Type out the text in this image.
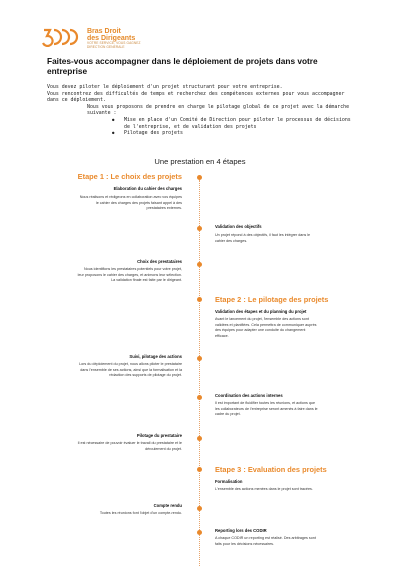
Bras Droit
des Dirigeants
VOTRE SERVICE, VOUS GAGNEZ
DIRECTION GENERALE
Faites-vous accompagner dans le déploiement de projets dans votre entreprise

Vous devez piloter le déploiement d'un projet structurant pour votre entreprise.

Vous rencontrez des difficultés de temps et recherchez des compétences externes pour vous accompagner dans ce déploiement.

Nous vous proposons de prendre en charge le pilotage global de ce projet avec la démarche suivante :

● Mise en place d'un Comité de Direction pour piloter le processus de décisions de l'entreprise, et de validation des projets
● Pilotage des projets
Une prestation en 4 étapes
Etape 1 : Le choix des projets
Elaboration du cahier des charges
Nous réalisons et rédigeons en collaboration avec vos équipes
le cahier des charges des projets faisant appel à des
prestataires externes.
Validation des objectifs
Un projet répond à des objectifs, il faut les intégrer dans le
cahier des charges.
Choix des prestataires
Nous identifions les prestataires potentiels pour votre projet,
leur proposons le cahier des charges, et animons leur sélection.
La validation finale est faite par le dirigeant.
Etape 2 : Le pilotage des projets
Validation des étapes et du planning du projet
Avant le lancement du projet, l'ensemble des actions sont
validées et planifiées. Cela permettra de communiquer auprès
des équipes pour adapter une conduite du changement
efficace.
Suivi, pilotage des actions
Lors du déploiement du projet, nous allons piloter le prestataire
dans l'ensemble de ses actions, ainsi que la formalisation et la
rédaction des supports de pilotage du projet.
Coordination des actions internes
Il est important de fluidifier toutes les réunions, et actions que
les collaborateurs de l'entreprise seront amenés à faire dans le
cadre du projet.
Pilotage du prestataire
Il est nécessaire de pouvoir évaluer le travail du prestataire et le
déroulement du projet.
Etape 3 : Evaluation des projets
Formalisation
L'ensemble des actions menées dans le projet sont tracées.
Compte rendu
Toutes les réunions font l'objet d'un compte-rendu.
Reporting lors des CODIR
A chaque CODIR un reporting est réalisé. Des arbitrages sont
faits pour les décisions nécessaires.
